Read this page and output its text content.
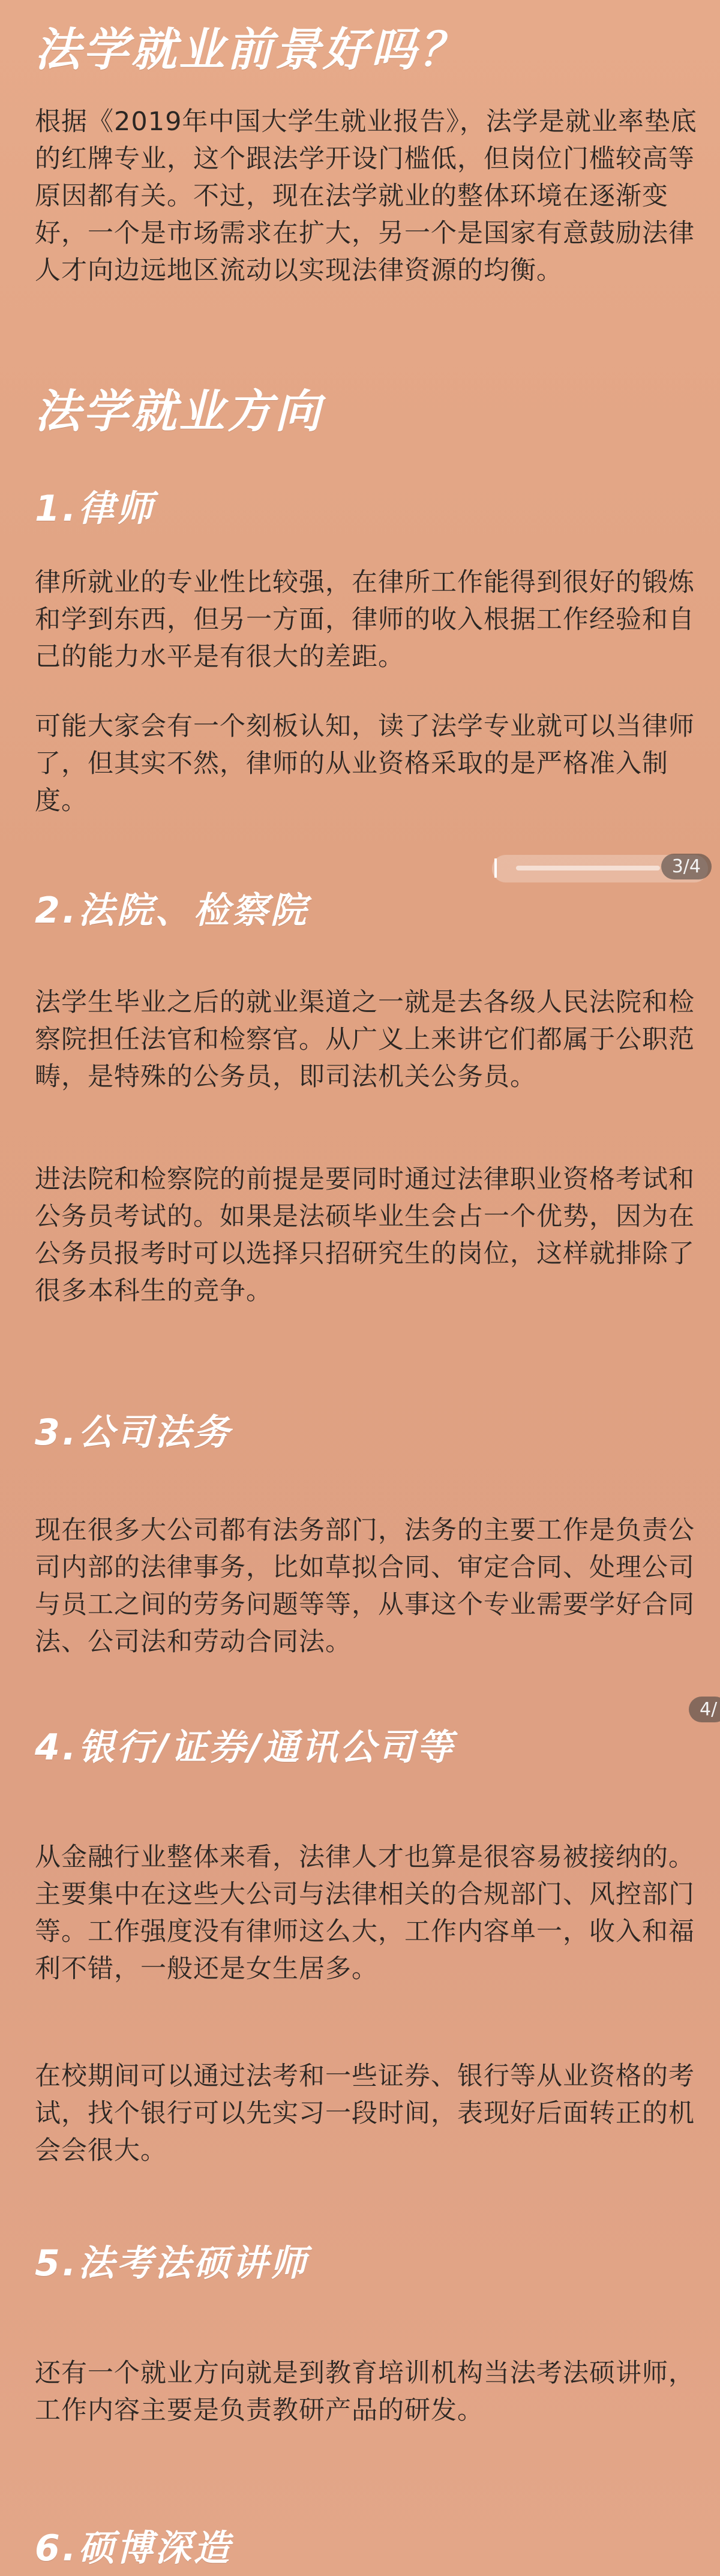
法学就业前景好吗？
根据《2019年中国大学生就业报告》，法学是就业率垫底的红牌专业，这个跟法学开设门槛低，但岗位门槛较高等原因都有关。不过，现在法学就业的整体环境在逐渐变好，一个是市场需求在扩大，另一个是国家有意鼓励法律人才向边远地区流动以实现法律资源的均衡。
法学就业方向
1.律师
律所就业的专业性比较强，在律所工作能得到很好的锻炼和学到东西，但另一方面，律师的收入根据工作经验和自己的能力水平是有很大的差距。
可能大家会有一个刻板认知，读了法学专业就可以当律师了，但其实不然，律师的从业资格采取的是严格准入制度。
3/4
2.法院、检察院
法学生毕业之后的就业渠道之一就是去各级人民法院和检察院担任法官和检察官。从广义上来讲它们都属于公职范畴，是特殊的公务员，即司法机关公务员。
进法院和检察院的前提是要同时通过法律职业资格考试和公务员考试的。如果是法硕毕业生会占一个优势，因为在公务员报考时可以选择只招研究生的岗位，这样就排除了很多本科生的竞争。
3.公司法务
现在很多大公司都有法务部门，法务的主要工作是负责公司内部的法律事务，比如草拟合同、审定合同、处理公司与员工之间的劳务问题等等，从事这个专业需要学好合同法、公司法和劳动合同法。
4/
4.银行/证券/通讯公司等
从金融行业整体来看，法律人才也算是很容易被接纳的。主要集中在这些大公司与法律相关的合规部门、风控部门等。工作强度没有律师这么大，工作内容单一，收入和福利不错，一般还是女生居多。
在校期间可以通过法考和一些证券、银行等从业资格的考试，找个银行可以先实习一段时间，表现好后面转正的机会会很大。
5.法考法硕讲师
还有一个就业方向就是到教育培训机构当法考法硕讲师，工作内容主要是负责教研产品的研发。
6.硕博深造
